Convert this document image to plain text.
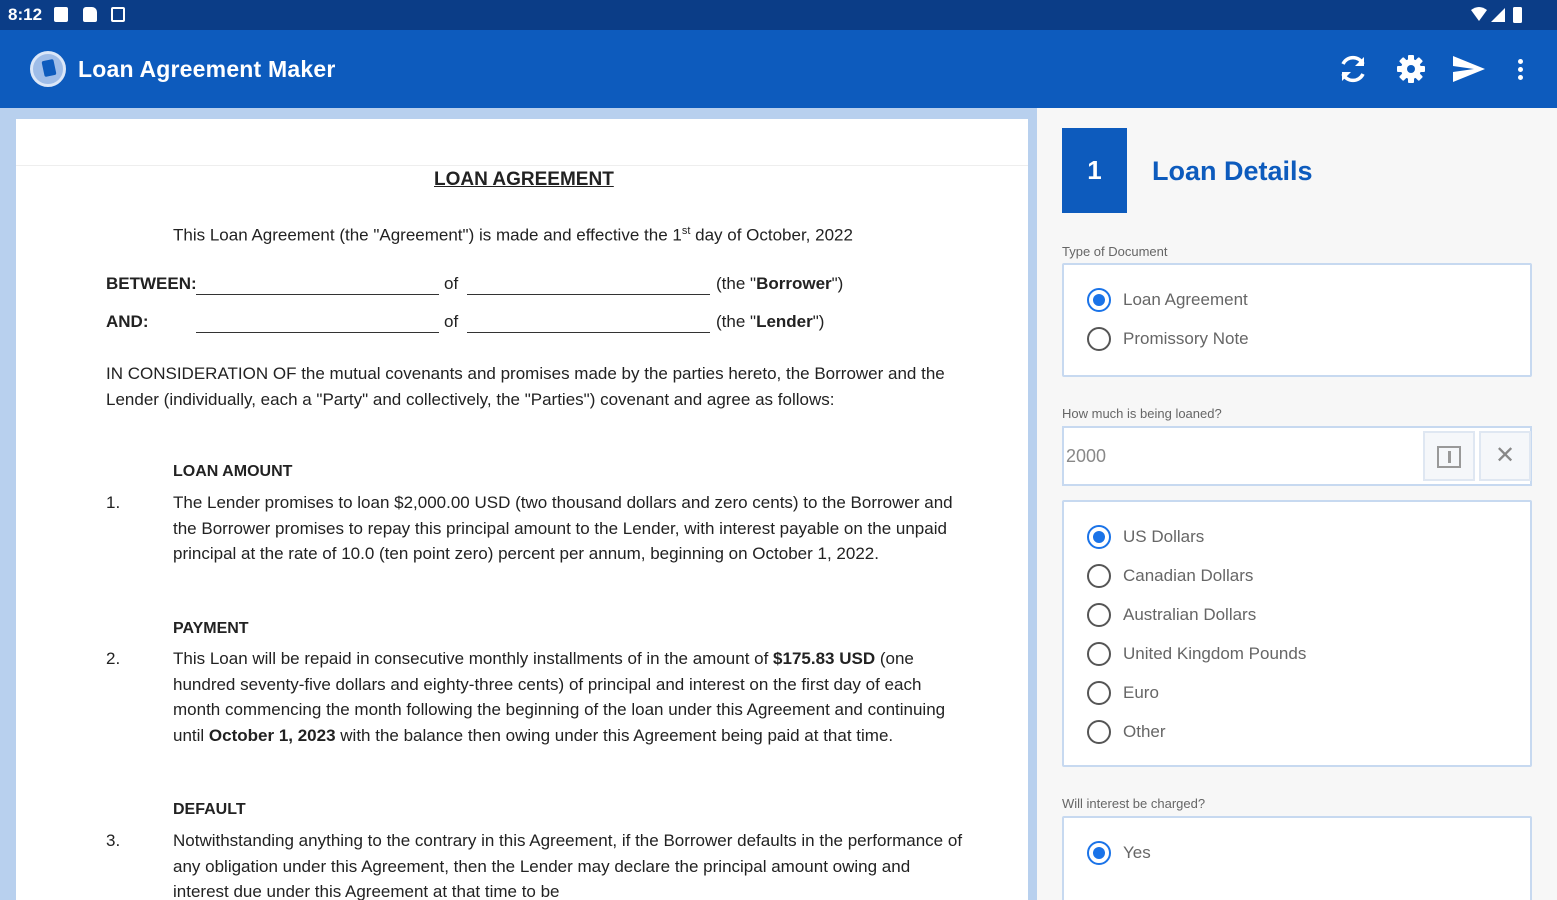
8:12
Loan Agreement Maker
LOAN AGREEMENT
This Loan Agreement (the "Agreement") is made and effective the 1st day of October, 2022
BETWEEN:	of	(the "Borrower")
AND:	of	(the "Lender")
IN CONSIDERATION OF the mutual covenants and promises made by the parties hereto, the Borrower and the Lender (individually, each a "Party" and collectively, the "Parties") covenant and agree as follows:
LOAN AMOUNT
1.	The Lender promises to loan $2,000.00 USD (two thousand dollars and zero cents) to the Borrower and the Borrower promises to repay this principal amount to the Lender, with interest payable on the unpaid principal at the rate of 10.0 (ten point zero) percent per annum, beginning on October 1, 2022.
PAYMENT
2.	This Loan will be repaid in consecutive monthly installments of in the amount of $175.83 USD (one hundred seventy-five dollars and eighty-three cents) of principal and interest on the first day of each month commencing the month following the beginning of the loan under this Agreement and continuing until October 1, 2023 with the balance then owing under this Agreement being paid at that time.
DEFAULT
3.	Notwithstanding anything to the contrary in this Agreement, if the Borrower defaults in the performance of any obligation under this Agreement, then the Lender may declare the principal amount owing and interest due under this Agreement at that time to be
1	Loan Details
Type of Document
Loan Agreement
Promissory Note
How much is being loaned?
2000
✕
US Dollars
Canadian Dollars
Australian Dollars
United Kingdom Pounds
Euro
Other
Will interest be charged?
Yes
